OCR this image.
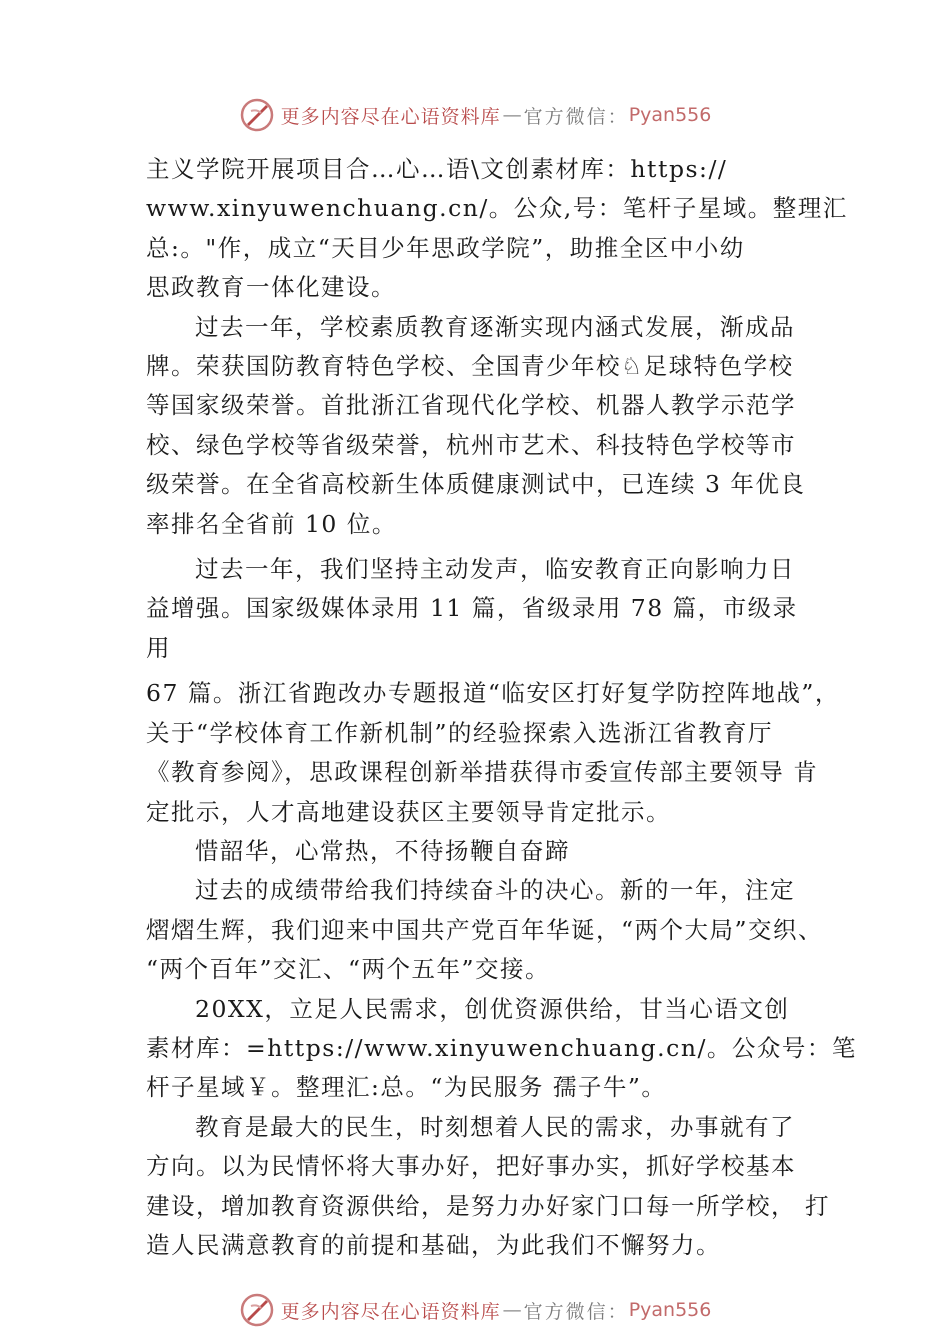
更多内容尽在心语资料库 — 官方微信： Pyan556
主义学院开展项目合…心…语\文创素材库：https://
www.xinyuwenchuang.cn/。公众,号：笔杆子星域。整理汇
总:。"作，成立“天目少年思政学院”，助推全区中小幼
思政教育一体化建设。
过去一年，学校素质教育逐渐实现内涵式发展，渐成品
牌。荣获国防教育特色学校、全国青少年校♘足球特色学校
等国家级荣誉。首批浙江省现代化学校、机器人教学示范学
校、绿色学校等省级荣誉，杭州市艺术、科技特色学校等市
级荣誉。在全省高校新生体质健康测试中，已连续 3 年优良
率排名全省前 10 位。
过去一年，我们坚持主动发声，临安教育正向影响力日
益增强。国家级媒体录用 11 篇，省级录用 78 篇，市级录
用
67 篇。浙江省跑改办专题报道“临安区打好复学防控阵地战”，
关于“学校体育工作新机制”的经验探索入选浙江省教育厅
《教育参阅》，思政课程创新举措获得市委宣传部主要领导 肯
定批示，人才高地建设获区主要领导肯定批示。
惜韶华，心常热，不待扬鞭自奋蹄
过去的成绩带给我们持续奋斗的决心。新的一年，注定
熠熠生辉，我们迎来中国共产党百年华诞，“两个大局”交织、
“两个百年”交汇、“两个五年”交接。
20XX，立足人民需求，创优资源供给，甘当心语文创
素材库：=https://www.xinyuwenchuang.cn/。公众号：笔
杆子星域￥。整理汇:总。“为民服务 孺子牛”。
教育是最大的民生，时刻想着人民的需求，办事就有了
方向。以为民情怀将大事办好，把好事办实，抓好学校基本
建设，增加教育资源供给，是努力办好家门口每一所学校， 打
造人民满意教育的前提和基础，为此我们不懈努力。
更多内容尽在心语资料库 — 官方微信： Pyan556
